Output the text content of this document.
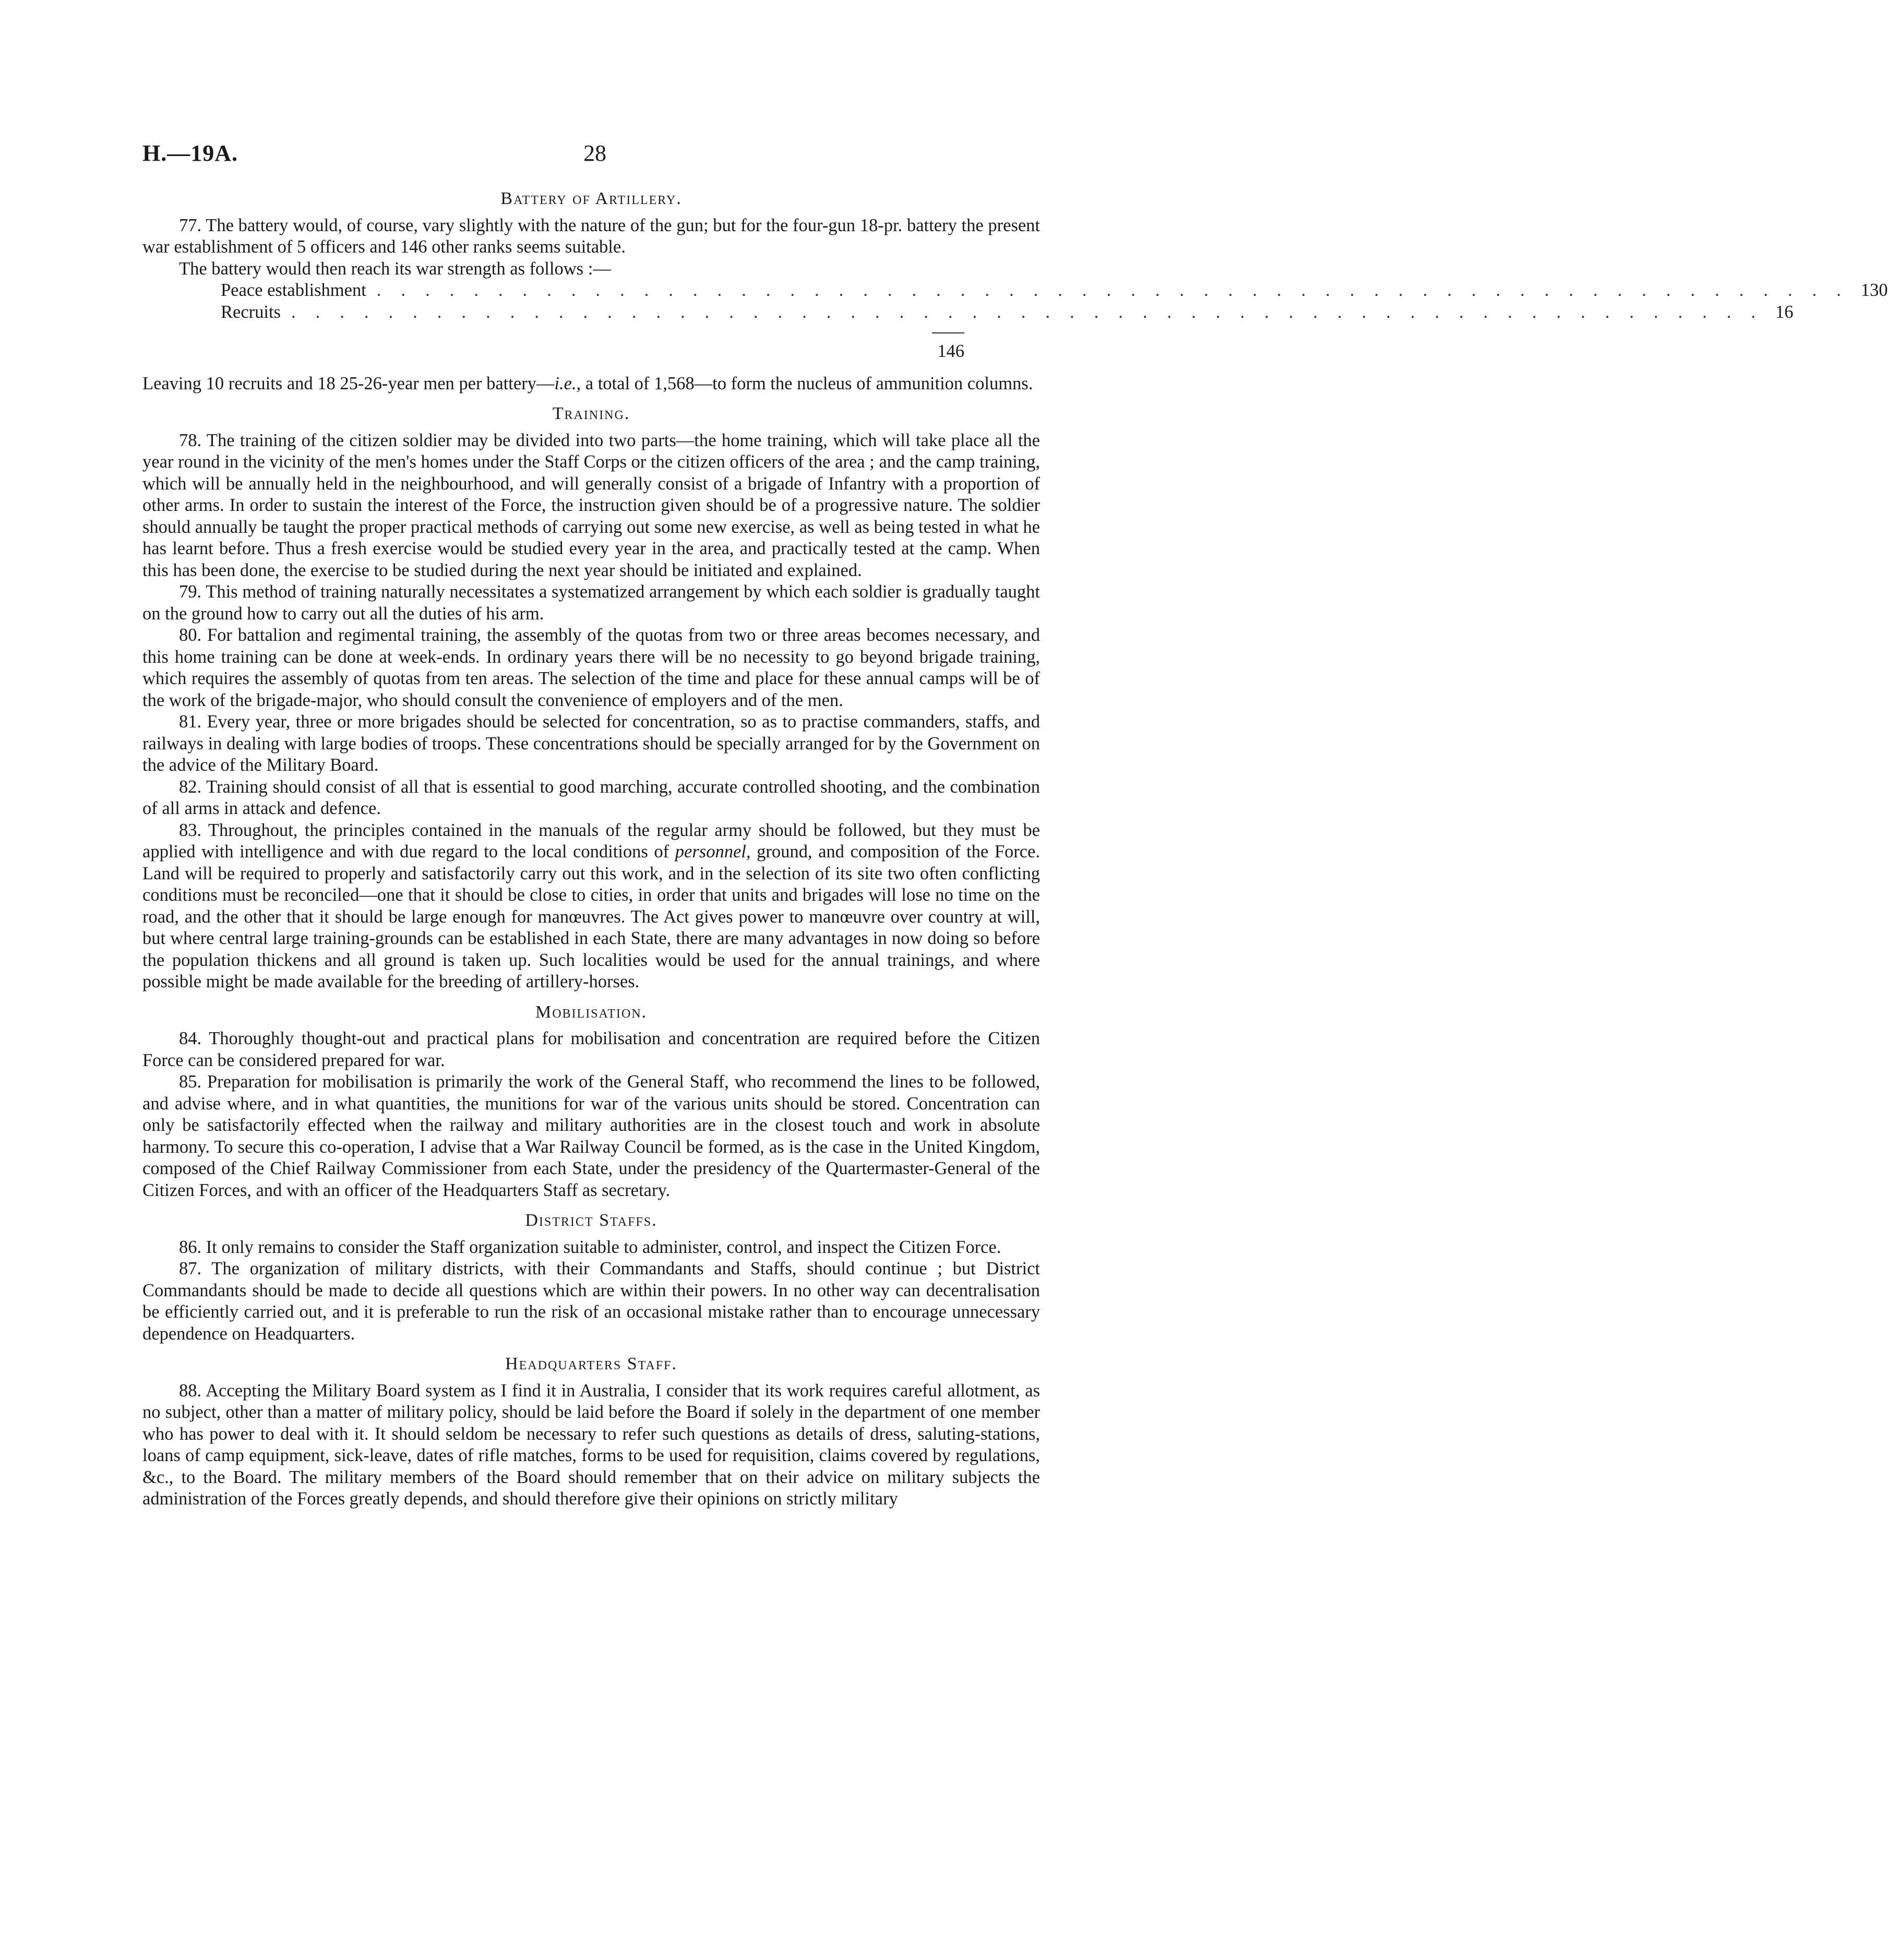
H.—19A.	28
Battery of Artillery.

77. The battery would, of course, vary slightly with the nature of the gun; but for the four-gun 18-pr. battery the present war establishment of 5 officers and 146 other ranks seems suitable.

The battery would then reach its war strength as follows :—

Peace establishment ............................................................. 130
Recruits ............................................................. 16
146

Leaving 10 recruits and 18 25-26-year men per battery—i.e., a total of 1,568—to form the nucleus of ammunition columns.

Training.

78. The training of the citizen soldier may be divided into two parts—the home training, which will take place all the year round in the vicinity of the men's homes under the Staff Corps or the citizen officers of the area ; and the camp training, which will be annually held in the neighbourhood, and will generally consist of a brigade of Infantry with a proportion of other arms. In order to sustain the interest of the Force, the instruction given should be of a progressive nature. The soldier should annually be taught the proper practical methods of carrying out some new exercise, as well as being tested in what he has learnt before. Thus a fresh exercise would be studied every year in the area, and practically tested at the camp. When this has been done, the exercise to be studied during the next year should be initiated and explained.

79. This method of training naturally necessitates a systematized arrangement by which each soldier is gradually taught on the ground how to carry out all the duties of his arm.

80. For battalion and regimental training, the assembly of the quotas from two or three areas becomes necessary, and this home training can be done at week-ends. In ordinary years there will be no necessity to go beyond brigade training, which requires the assembly of quotas from ten areas. The selection of the time and place for these annual camps will be of the work of the brigade-major, who should consult the convenience of employers and of the men.

81. Every year, three or more brigades should be selected for concentration, so as to practise commanders, staffs, and railways in dealing with large bodies of troops. These concentrations should be specially arranged for by the Government on the advice of the Military Board.

82. Training should consist of all that is essential to good marching, accurate controlled shooting, and the combination of all arms in attack and defence.

83. Throughout, the principles contained in the manuals of the regular army should be followed, but they must be applied with intelligence and with due regard to the local conditions of personnel, ground, and composition of the Force. Land will be required to properly and satisfactorily carry out this work, and in the selection of its site two often conflicting conditions must be reconciled—one that it should be close to cities, in order that units and brigades will lose no time on the road, and the other that it should be large enough for manœuvres. The Act gives power to manœuvre over country at will, but where central large training-grounds can be established in each State, there are many advantages in now doing so before the population thickens and all ground is taken up. Such localities would be used for the annual trainings, and where possible might be made available for the breeding of artillery-horses.

Mobilisation.

84. Thoroughly thought-out and practical plans for mobilisation and concentration are required before the Citizen Force can be considered prepared for war.

85. Preparation for mobilisation is primarily the work of the General Staff, who recommend the lines to be followed, and advise where, and in what quantities, the munitions for war of the various units should be stored. Concentration can only be satisfactorily effected when the railway and military authorities are in the closest touch and work in absolute harmony. To secure this co-operation, I advise that a War Railway Council be formed, as is the case in the United Kingdom, composed of the Chief Railway Commissioner from each State, under the presidency of the Quartermaster-General of the Citizen Forces, and with an officer of the Headquarters Staff as secretary.

District Staffs.

86. It only remains to consider the Staff organization suitable to administer, control, and inspect the Citizen Force.

87. The organization of military districts, with their Commandants and Staffs, should continue ; but District Commandants should be made to decide all questions which are within their powers. In no other way can decentralisation be efficiently carried out, and it is preferable to run the risk of an occasional mistake rather than to encourage unnecessary dependence on Headquarters.

Headquarters Staff.

88. Accepting the Military Board system as I find it in Australia, I consider that its work requires careful allotment, as no subject, other than a matter of military policy, should be laid before the Board if solely in the department of one member who has power to deal with it. It should seldom be necessary to refer such questions as details of dress, saluting-stations, loans of camp equipment, sick-leave, dates of rifle matches, forms to be used for requisition, claims covered by regulations, &c., to the Board. The military members of the Board should remember that on their advice on military subjects the administration of the Forces greatly depends, and should therefore give their opinions on strictly military
